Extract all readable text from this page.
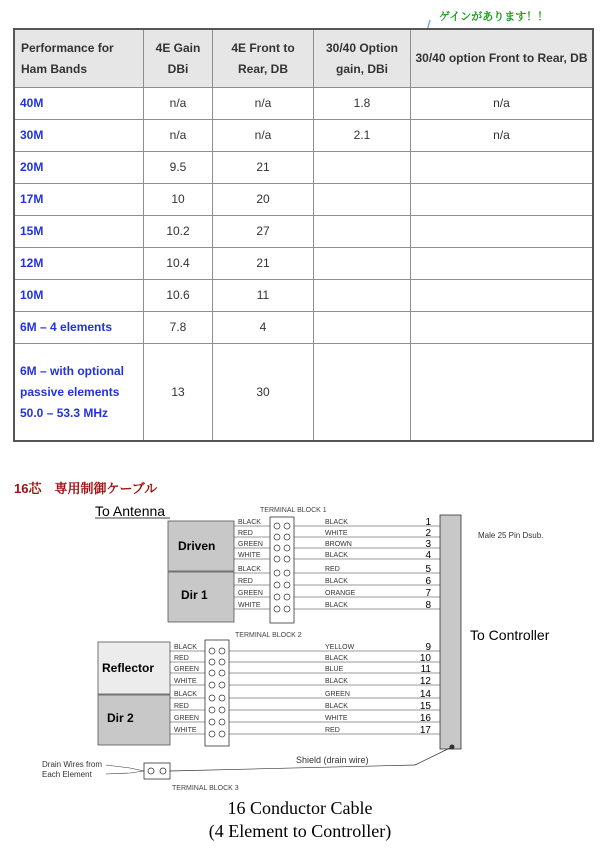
ゲインがあります！！
Performance for Ham Bands	4E Gain DBi	4E Front to Rear, DB	30/40 Option gain, DBi	30/40 option Front to Rear, DB
40M	n/a	n/a	1.8	n/a
30M	n/a	n/a	2.1	n/a
20M	9.5	21		
17M	10	20		
15M	10.2	27		
12M	10.4	21		
10M	10.6	11		
6M – 4 elements	7.8	4		
6M – with optional passive elements 50.0 – 53.3 MHz	13	30		
16芯　専用制御ケーブル
To Antenna	TERMINAL BLOCK 1
TERMINAL BLOCK 2
TERMINAL BLOCK 3
Driven
Dir 1
Reflector
Dir 2
Male 25 Pin Dsub.
To Controller
BLACK
RED
GREEN
WHITE
BLACK
RED
GREEN
WHITE
BLACK
WHITE
BROWN
BLACK
RED
BLACK
ORANGE
BLACK
1
2
3
4
5
6
7
8
BLACK
RED
GREEN
WHITE
BLACK
RED
GREEN
WHITE
YELLOW
BLACK
BLUE
BLACK
GREEN
BLACK
WHITE
RED
9
10
11
12
14
15
16
17
Drain Wires from
Each Element
Shield (drain wire)
16 Conductor Cable
(4 Element to Controller)
